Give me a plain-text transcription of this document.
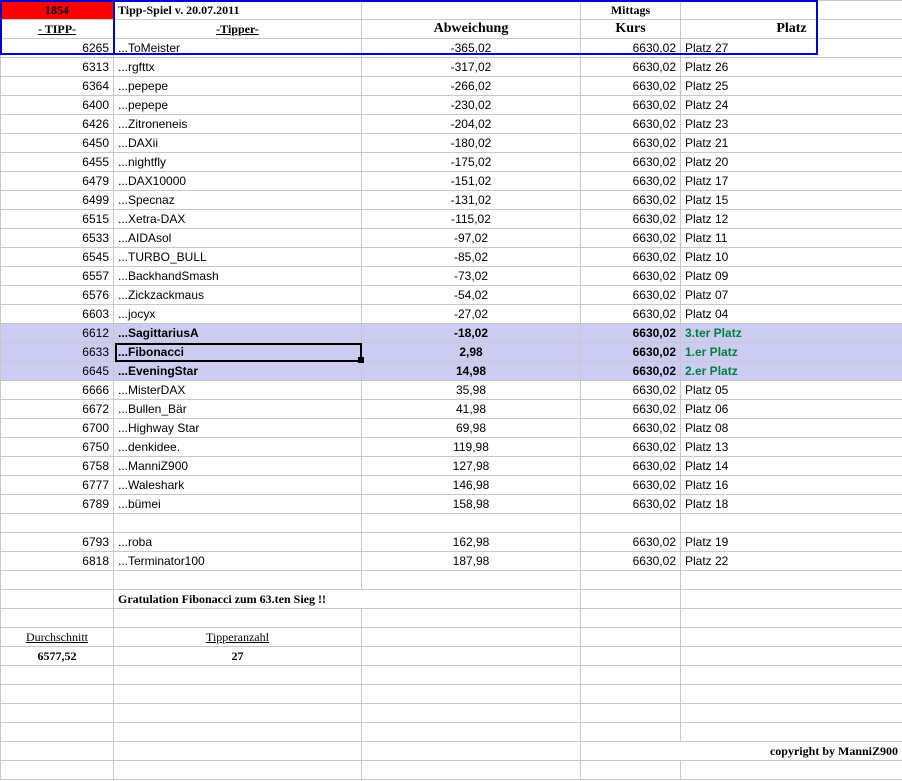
1854	Tipp-Spiel v. 20.07.2011		Mittags	
- TIPP-	-Tipper-	Abweichung	Kurs	Platz
6265	...ToMeister	-365,02	6630,02	Platz 27
6313	...rgfttx	-317,02	6630,02	Platz 26
6364	...pepepe	-266,02	6630,02	Platz 25
6400	...pepepe	-230,02	6630,02	Platz 24
6426	...Zitroneneis	-204,02	6630,02	Platz 23
6450	...DAXii	-180,02	6630,02	Platz 21
6455	...nightfly	-175,02	6630,02	Platz 20
6479	...DAX10000	-151,02	6630,02	Platz 17
6499	...Specnaz	-131,02	6630,02	Platz 15
6515	...Xetra-DAX	-115,02	6630,02	Platz 12
6533	...AIDAsol	-97,02	6630,02	Platz 11
6545	...TURBO_BULL	-85,02	6630,02	Platz 10
6557	...BackhandSmash	-73,02	6630,02	Platz 09
6576	...Zickzackmaus	-54,02	6630,02	Platz 07
6603	...jocyx	-27,02	6630,02	Platz 04
6612	...SagittariusA	-18,02	6630,02	3.ter Platz
6633	...Fibonacci	2,98	6630,02	1.er Platz
6645	...EveningStar	14,98	6630,02	2.er Platz
6666	...MisterDAX	35,98	6630,02	Platz 05
6672	...Bullen_Bär	41,98	6630,02	Platz 06
6700	...Highway Star	69,98	6630,02	Platz 08
6750	...denkidee.	119,98	6630,02	Platz 13
6758	...ManniZ900	127,98	6630,02	Platz 14
6777	...Waleshark	146,98	6630,02	Platz 16
6789	...bümei	158,98	6630,02	Platz 18

6793	...roba	162,98	6630,02	Platz 19
6818	...Terminator100	187,98	6630,02	Platz 22

	Gratulation Fibonacci zum 63.ten Sieg !!			

Durchschnitt	Tipperanzahl			
6577,52	27			

			copyright by ManniZ900	
